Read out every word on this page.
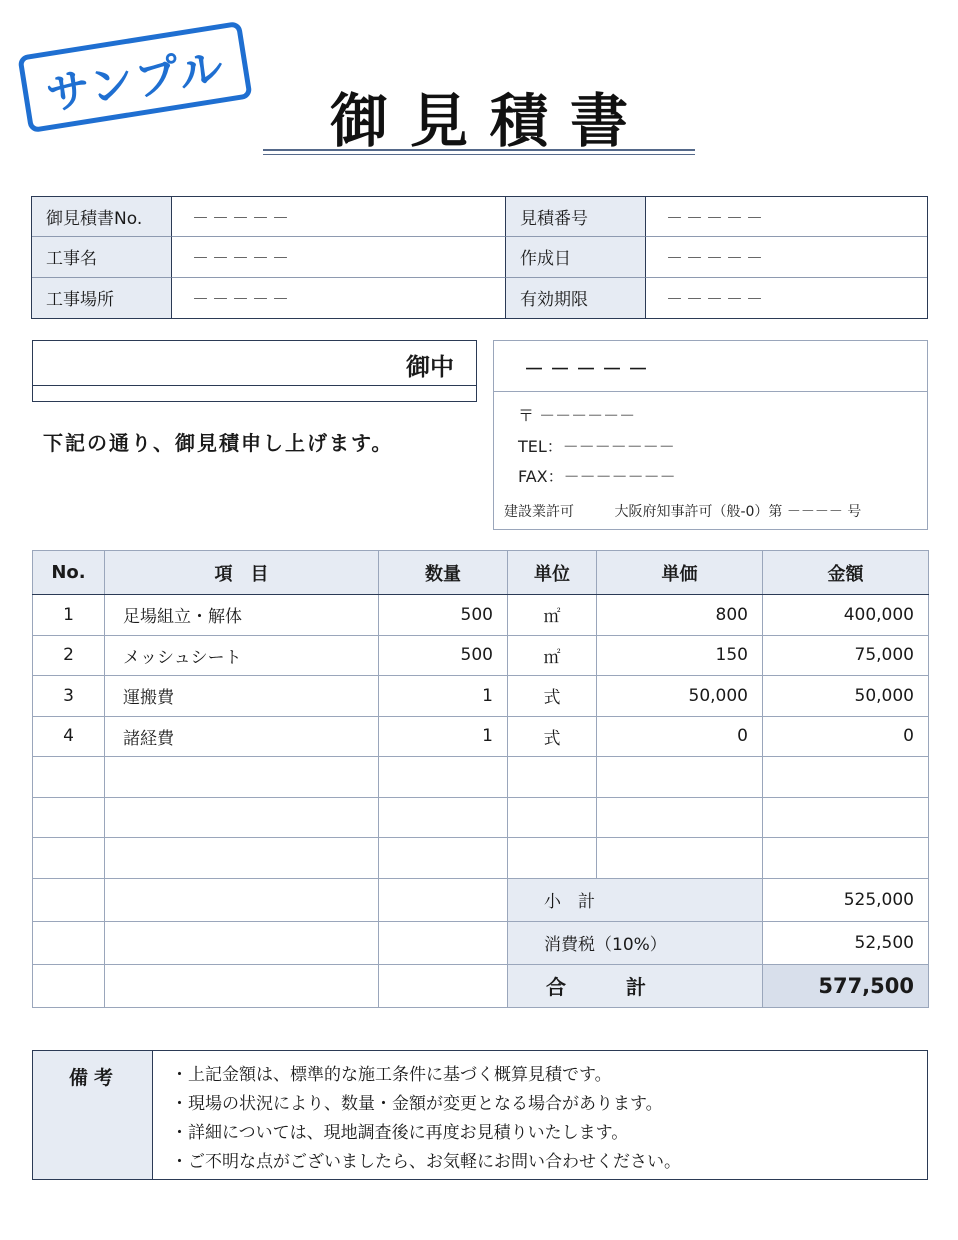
サンプル
御見積書
御見積書No.	－－－－－	見積番号	－－－－－
工事名	－－－－－	作成日	－－－－－
工事場所	－－－－－	有効期限	－－－－－
御中
下記の通り、御見積申し上げます。
－－－－－
〒 －－－－－－
TEL：－－－－－－－
FAX：－－－－－－－
建設業許可	大阪府知事許可（般-0）第 －－－－ 号
No.	項　目	数量	単位	単価	金額
1	足場組立・解体	500	㎡	800	400,000
2	メッシュシート	500	㎡	150	75,000
3	運搬費	1	式	50,000	50,000
4	諸経費	1	式	0	0

			小　計		525,000
			消費税（10%）		52,500
			合　　　計		577,500
備考	・ 上記金額は、標準的な施工条件に基づく概算見積です。
・ 現場の状況により、数量・金額が変更となる場合があります。
・ 詳細については、現地調査後に再度お見積りいたします。
・ ご不明な点がございましたら、お気軽にお問い合わせください。
